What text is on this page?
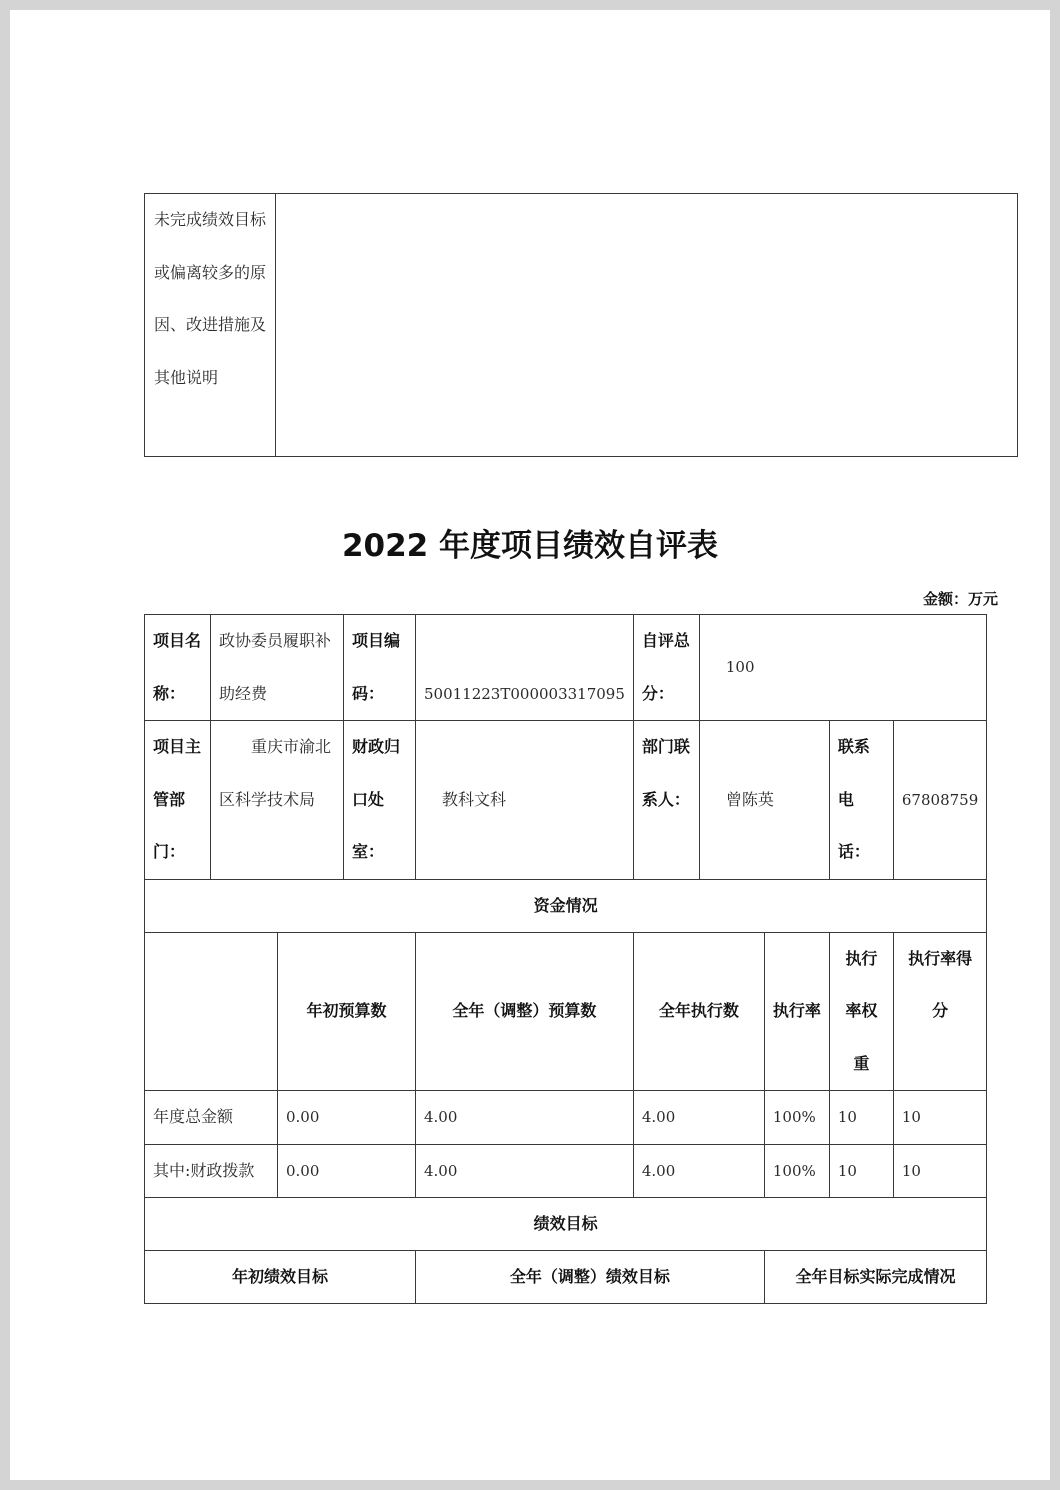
未完成绩效目标或偏离较多的原因、改进措施及其他说明	
2022 年度项目绩效自评表
金额：万元
项目名称：	政协委员履职补助经费		项目编码：	50011223T000003317095	自评总分：	100			
项目主管部门：	　　重庆市渝北区科学技术局		财政归口处室：	教科文科	部门联系人：	曾陈英		联系电话：	67808759
资金情况									
		年初预算数		全年（调整）预算数	全年执行数		执行率	执行率权重	执行率得分
年度总金额		0.00		4.00	4.00		100%	10	10
其中:财政拨款		0.00		4.00	4.00		100%	10	10
绩效目标									
年初绩效目标				全年（调整）绩效目标			全年目标实际完成情况		
